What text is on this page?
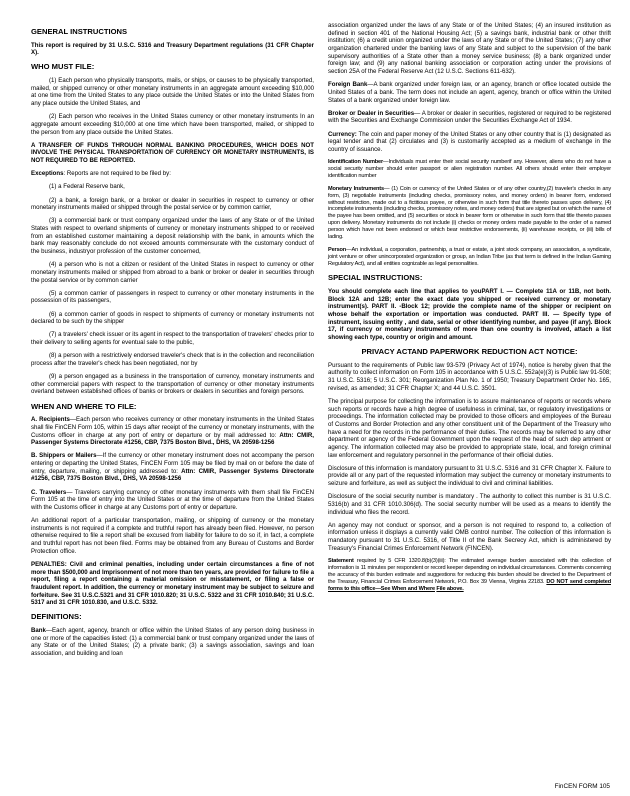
GENERAL INSTRUCTIONS

This report is required by 31 U.S.C. 5316 and Treasury Department regulations (31 CFR Chapter X).

WHO MUST FILE:

(1) Each person who physically transports, mails, or ships, or causes to be physically transported, mailed, or shipped currency or other monetary instruments in an aggregate amount exceeding $10,000 at one time from the United States to any place outside the United States or into the United States from any place outside the United States, and

(2) Each person who receives in the United States currency or other monetary instruments In an aggregate amount exceeding $10,000 at one time which have been transported, mailed, or shipped to the person from any place outside the United States.

A TRANSFER OF FUNDS THROUGH NORMAL BANKING PROCEDURES, WHICH DOES NOT INVOLVE THE PHYSICAL TRANSPORTATION OF CURRENCY OR MONETARY INSTRUMENTS, IS NOT REQUIRED TO BE REPORTED.

Exceptions: Reports are not required to be filed by:

(1) a Federal Reserve bank,

(2) a bank, a foreign bank, or a broker or dealer in securities in respect to currency or other monetary instruments mailed or shipped through the postal service or by common carrier,

(3) a commercial bank or trust company organized under the laws of any State or of the United States with respect to overland shipments of currency or monetary instruments shipped to or received from an established customer maintaining a deposit relationship with the bank, in amounts which the bank may reasonably conclude do not exceed amounts commensurate with the customary conduct of the business, industryor profession of the customer concerned,

(4) a person who is not a citizen or resident of the United States in respect to currency or other monetary instruments mailed or shipped from abroad to a bank or broker or dealer in securities through the postal service or by common carrier

(5) a common carrier of passengers in respect to currency or other monetary instruments in the possession of its passengers,

(6) a common carrier of goods in respect to shipments of currency or monetary instruments not declared to be such by the shipper

(7) a travelers' check issuer or its agent in respect to the transportation of travelers' checks prior to their delivery to selling agents for eventual sale to the public,

(8) a person with a restrictively endorsed traveler's check that is in the collection and reconciliation process after the traveler's check has been negotiated, nor by

(9) a person engaged as a business in the transportation of currency, monetary instruments and other commercial papers with respect to the transportation of currency or other monetary instruments overland between established offices of banks or brokers or dealers in securities and foreign persons.

WHEN AND WHERE TO FILE:

A. Recipients—Each person who receives currency or other monetary instruments in the United States shall file FinCEN Form 105, within 15 days after receipt of the currency or monetary instruments, with the Customs officer in charge at any port of entry or departure or by mail addressed to: Attn: CMIR, Passenger Systems Directorate #1256, CBP, 7375 Boston Blvd., DHS, VA 20598-1256

B. Shippers or Mailers—If the currency or other monetary instrument does not accompany the person entering or departing the United States, FinCEN Form 105 may be filed by mail on or before the date of entry, departure, mailing, or shipping addressed to: Attn: CMIR, Passenger Systems Directorate #1256, CBP, 7375 Boston Blvd., DHS, VA 20598-1256

C. Travelers— Travelers carrying currency or other monetary instruments with them shall file FinCEN Form 105 at the time of entry into the United States or at the time of departure from the United States with the Customs officer in charge at any Customs port of entry or departure.

An additional report of a particular transportation, mailing, or shipping of currency or the monetary instruments is not required if a complete and truthful report has already been filed. However, no person otherwise required to file a report shall be excused from liability for failure to do so if, in fact, a complete and truthful report has not been filed. Forms may be obtained from any Bureau of Customs and Border Protection office.

PENALTIES: Civil and criminal penalties, including under certain circumstances a fine of not more than $500,000 and Imprisonment of not more than ten years, are provided for failure to file a report, filing a report containing a material omission or misstatement, or filing a false or fraudulent report. In addition, the currency or monetary instrument may be subject to seizure and forfeiture. See 31 U.S.C.5321 and 31 CFR 1010.820; 31 U.S.C. 5322 and 31 CFR 1010.840; 31 U.S.C. 5317 and 31 CFR 1010.830, and U.S.C. 5332.

DEFINITIONS:

Bank—Each agent, agency, branch or office within the United States of any person doing business in one or more of the capacities listed: (1) a commercial bank or trust company organized under the laws of any State or of the United States; (2) a private bank; (3) a savings association, savings and loan association, and building and loan

association organized under the laws of any State or of the United States; (4) an insured institution as defined in section 401 of the National Housing Act; (5) a savings bank, industrial bank or other thrift institution; (6) a credit union organized under the laws of any State or of the United States; (7) any other organization chartered under the banking laws of any State and subject to the supervision of the bank supervisory authorities of a State other than a money service business; (8) a bank organized under foreign law; and (9) any national banking association or corporation acting under the provisions of section 25A of the Federal Reserve Act (12 U.S.C. Sections 611-632).

Foreign Bank—A bank organized under foreign law, or an agency, branch or office located outside the United States of a bank. The term does not include an agent, agency, branch or office within the United States of a bank organized under foreign law.

Broker or Dealer in Securities— A broker or dealer in securities, registered or required to be registered with the Securities and Exchange Commission under the Securities Exchange Act of 1934.

Currency: The coin and paper money of the United States or any other country that is (1) designated as legal tender and that (2) circulates and (3) is customarily accepted as a medium of exchange in the country of issuance.

Identification Number—Individuals must enter their social security numberif any. However, aliens who do not have a social security number should enter passport or alien registration number. All others should enter their employer identification number

Monetary Instruments— (1) Coin or currency of the United States or of any other country,(2) traveler's checks in any form, (3) negotiable instruments (including checks, promissory notes, and money orders) in bearer form, endorsed without restriction, made out to a fictitious payee, or otherwise in such form that title thereto passes upon delivery, (4) incomplete instruments (including checks, promissory notes, and money orders) that are signed but on which the name of the payee has been omitted, and (5) securities or stock in bearer form or otherwise in such form that title thereto passes upon delivery. Monetary instruments do not include (i) checks or money orders made payable to the order of a named person which have not been endorsed or which bear restrictive endorsements, (ii) warehouse receipts, or (iii) bills of lading.

Person—An individual, a corporation, partnership, a trust or estate, a joint stock company, an association, a syndicate, joint venture or other unincorporated organization or group, an Indian Tribe (as that term is defined in the Indian Gaming Regulatory Act), and all entities cognizable as legal personalities.

SPECIAL INSTRUCTIONS:

You should complete each line that applies to youPART I. — Complete 11A or 11B, not both. Block 12A and 12B; enter the exact date you shipped or received currency or monetary instrument(s). PART II. -Block 12; provide the complete name of the shipper or recipient on whose behalf the exportation or importation was conducted. PART III. — Specify type of instrument, issuing entity , and date, serial or other identifying number, and payee (if any). Block 17, if currency or monetary instruments of more than one country is involved, attach a list showing each type, country or origin and amount.

PRIVACY ACTAND PAPERWORK REDUCTION ACT NOTICE:

Pursuant to the requirements of Public law 93-579 (Privacy Act of 1974), notice is hereby given that the authority to collect information on Form 105 in accordance with 5 U.S.C. 552a(e)(3) is Public law 91-508; 31 U.S.C. 5316; 5 U.S.C. 301; Reorganization Plan No. 1 of 1950; Treasury Department Order No. 165, revised, as amended; 31 CFR Chapter X; and 44 U.S.C. 3501.

The principal purpose for collecting the information is to assure maintenance of reports or records where such reports or records have a high degree of usefulness in criminal, tax, or regulatory investigations or proceedings. The information collected may be provided to those officers and employees of the Bureau of Customs and Border Protection and any other constituent unit of the Department of the Treasury who have a need for the records in the performance of their duties. The records may be referred to any other department or agency of the Federal Government upon the request of the head of such dep artment or agency. The information collected may also be provided to appropriate state, local, and foreign criminal law enforcement and regulatory personnel in the performance of their official duties.

Disclosure of this information is mandatory pursuant to 31 U.S.C. 5316 and 31 CFR Chapter X. Failure to provide all or any part of the requested information may subject the currency or monetary instruments to seizure and forfeiture, as well as subject the individual to civil and criminal liabilities.

Disclosure of the social security number is mandatory . The authority to collect this number is 31 U.S.C. 5316(b) and 31 CFR 1010.306(d). The social security number will be used as a means to identify the individual who files the record.

An agency may not conduct or sponsor, and a person is not required to respond to, a collection of information unless it displays a currently valid OMB control number. The collection of this information is mandatory pursuant to 31 U.S.C. 5316, of Title II of the Bank Secrecy Act, which is administered by Treasury's Financial Crimes Enforcement Network (FINCEN).

Statement required by 5 CFR 1320.8(b)(3)(iii): The estimated average burden associated with this collection of information is 11 minutes per respondent or record keeper depending on individual circumstances. Comments concerning the accuracy of this burden estimate and suggestions for reducing this burden should be directed to the Department of the Treasury, Financial Crimes Enforcement Network, P.O. Box 39 Vienna, Virginia 22183. DO NOT send completed forms to this office—See When and Where File above.

FinCEN FORM 105
